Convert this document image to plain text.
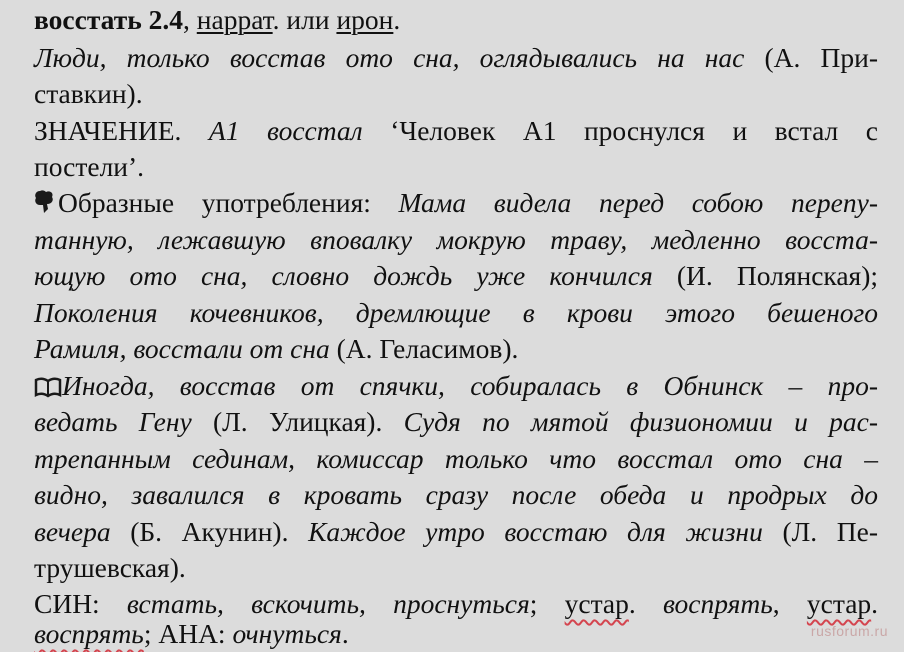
восстать 2.4, наррат. или ирон.
Люди, только восстав ото сна, оглядывались на нас (А. При-
ставкин).
ЗНАЧЕНИЕ. А1 восстал ‘Человек А1 проснулся и встал с
постели’.
Образные употребления: Мама видела перед собою перепу-
танную, лежавшую вповалку мокрую траву, медленно восста-
ющую ото сна, словно дождь уже кончился (И. Полянская);
Поколения кочевников, дремлющие в крови этого бешеного
Рамиля, восстали от сна (А. Геласимов).
Иногда, восстав от спячки, собиралась в Обнинск – про-
ведать Гену (Л. Улицкая). Судя по мятой физиономии и рас-
трепанным сединам, комиссар только что восстал ото сна –
видно, завалился в кровать сразу после обеда и продрых до
вечера (Б. Акунин). Каждое утро восстаю для жизни (Л. Пе-
трушевская).
СИН: встать, вскочить, проснуться; устар. воспрять, устар.
воспрять; АНА: очнуться.	rusforum.ru
